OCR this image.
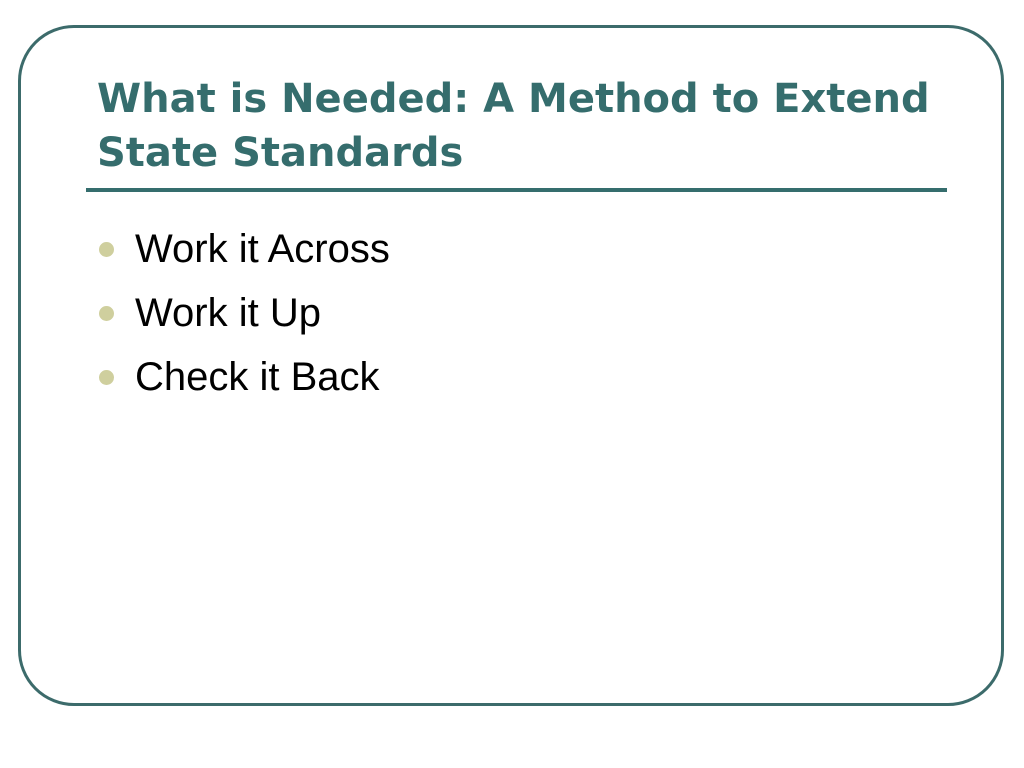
What is Needed: A Method to Extend State Standards
Work it Across
Work it Up
Check it Back
